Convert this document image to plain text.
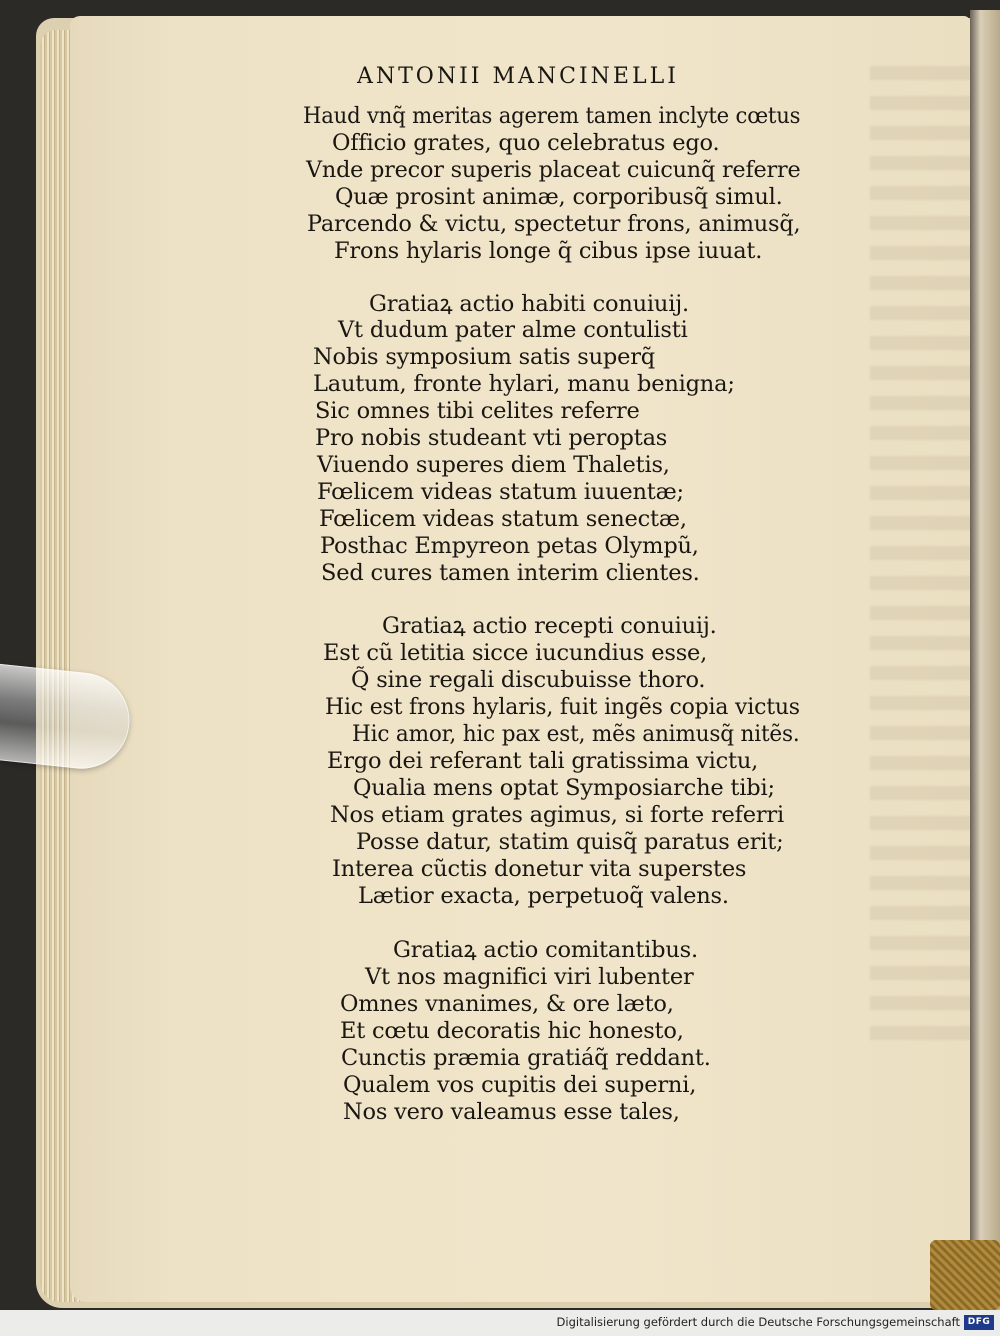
ANTONII MANCINELLI
Haud vnq̃ meritas agerem tamen inclyte cœtus
Officio grates, quo celebratus ego.
Vnde precor superis placeat cuicunq̃ referre
Quæ prosint animæ, corporibusq̃ simul.
Parcendo & victu, spectetur frons, animusq̃,
Frons hylaris longe q̃ cibus ipse iuuat.
Gratiaꝝ actio habiti conuiuij.
Vt dudum pater alme contulisti
Nobis symposium satis superq̃
Lautum, fronte hylari, manu benigna;
Sic omnes tibi celites referre
Pro nobis studeant vti peroptas
Viuendo superes diem Thaletis,
Fœlicem videas statum iuuentæ;
Fœlicem videas statum senectæ,
Posthac Empyreon petas Olympũ,
Sed cures tamen interim clientes.
Gratiaꝝ actio recepti conuiuij.
Est cũ letitia sicce iucundius esse,
Q̃ sine regali discubuisse thoro.
Hic est frons hylaris, fuit ingẽs copia victus
Hic amor, hic pax est, mẽs animusq̃ nitẽs.
Ergo dei referant tali gratissima victu,
Qualia mens optat Symposiarche tibi;
Nos etiam grates agimus, si forte referri
Posse datur, statim quisq̃ paratus erit;
Interea cũctis donetur vita superstes
Lætior exacta, perpetuoq̃ valens.
Gratiaꝝ actio comitantibus.
Vt nos magnifici viri lubenter
Omnes vnanimes, & ore læto,
Et cœtu decoratis hic honesto,
Cunctis præmia gratiáq̃ reddant.
Qualem vos cupitis dei superni,
Nos vero valeamus esse tales,
Digitalisierung gefördert durch die Deutsche Forschungsgemeinschaft DFG
